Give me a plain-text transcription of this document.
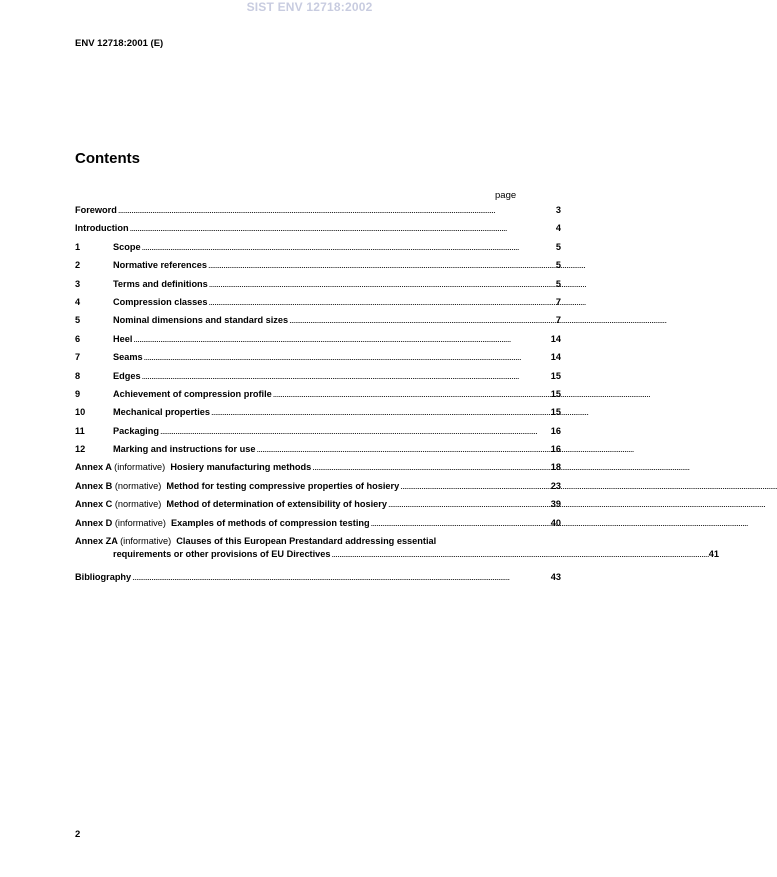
SIST ENV 12718:2002
ENV 12718:2001 (E)
Contents
page
Foreword . . .	3
Introduction . . .	4
1	Scope . . .	5
2	Normative references . . .	5
3	Terms and definitions . . .	5
4	Compression classes . . .	7
5	Nominal dimensions and standard sizes . . .	7
6	Heel . . .	14
7	Seams . . .	14
8	Edges . . .	15
9	Achievement of compression profile . . .	15
10	Mechanical properties . . .	15
11	Packaging . . .	16
12	Marking and instructions for use . . .	16
Annex A (informative) Hosiery manufacturing methods . . .	18
Annex B (normative) Method for testing compressive properties of hosiery . . .	23
Annex C (normative) Method of determination of extensibility of hosiery . . .	39
Annex D (informative) Examples of methods of compression testing . . .	40
Annex ZA (informative) Clauses of this European Prestandard addressing essential
requirements or other provisions of EU Directives . . .	41
Bibliography . . .	43
2
